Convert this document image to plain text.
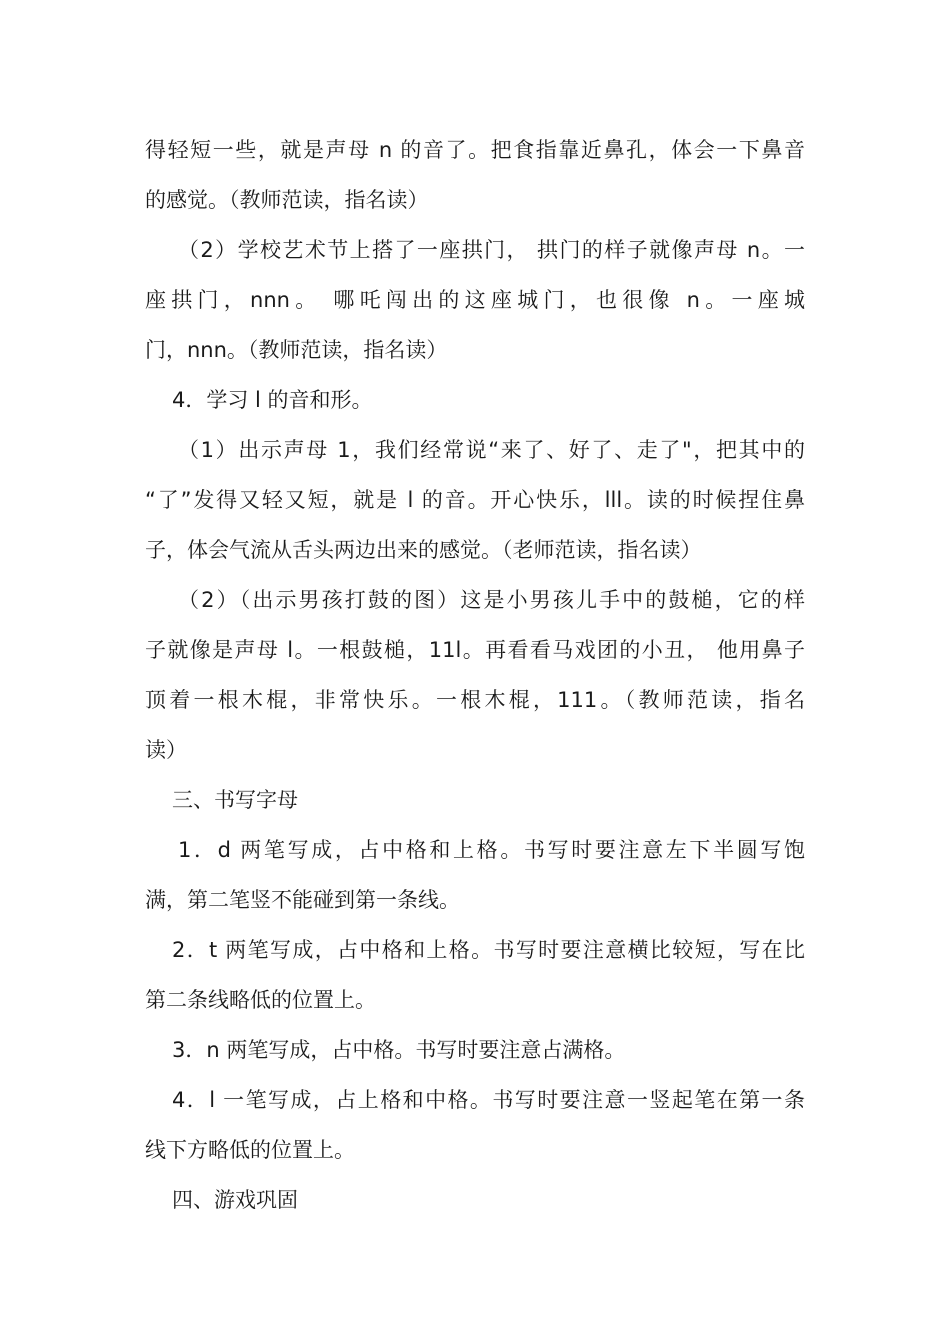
得轻短一些，就是声母 n 的音了。把食指靠近鼻孔，体会一下鼻音
的感觉。（教师范读，指名读）
（2）学校艺术节上搭了一座拱门， 拱门的样子就像声母 n。一
座拱门，nnn。 哪吒闯出的这座城门，也很像 n。一座城
门，nnn。（教师范读，指名读）
4．学习 l 的音和形。
（1）出示声母 1，我们经常说“来了、好了、走了"，把其中的
“了”发得又轻又短，就是 l 的音。开心快乐，lll。读的时候捏住鼻
子，体会气流从舌头两边出来的感觉。（老师范读，指名读）
（2）（出示男孩打鼓的图）这是小男孩儿手中的鼓槌，它的样
子就像是声母 l。一根鼓槌，11l。再看看马戏团的小丑， 他用鼻子
顶着一根木棍，非常快乐。一根木棍，111。（教师范读，指名
读）
三、书写字母
1．d 两笔写成，占中格和上格。书写时要注意左下半圆写饱
满，第二笔竖不能碰到第一条线。
2．t 两笔写成，占中格和上格。书写时要注意横比较短，写在比
第二条线略低的位置上。
3．n 两笔写成，占中格。书写时要注意占满格。
4．l 一笔写成，占上格和中格。书写时要注意一竖起笔在第一条
线下方略低的位置上。
四、游戏巩固
